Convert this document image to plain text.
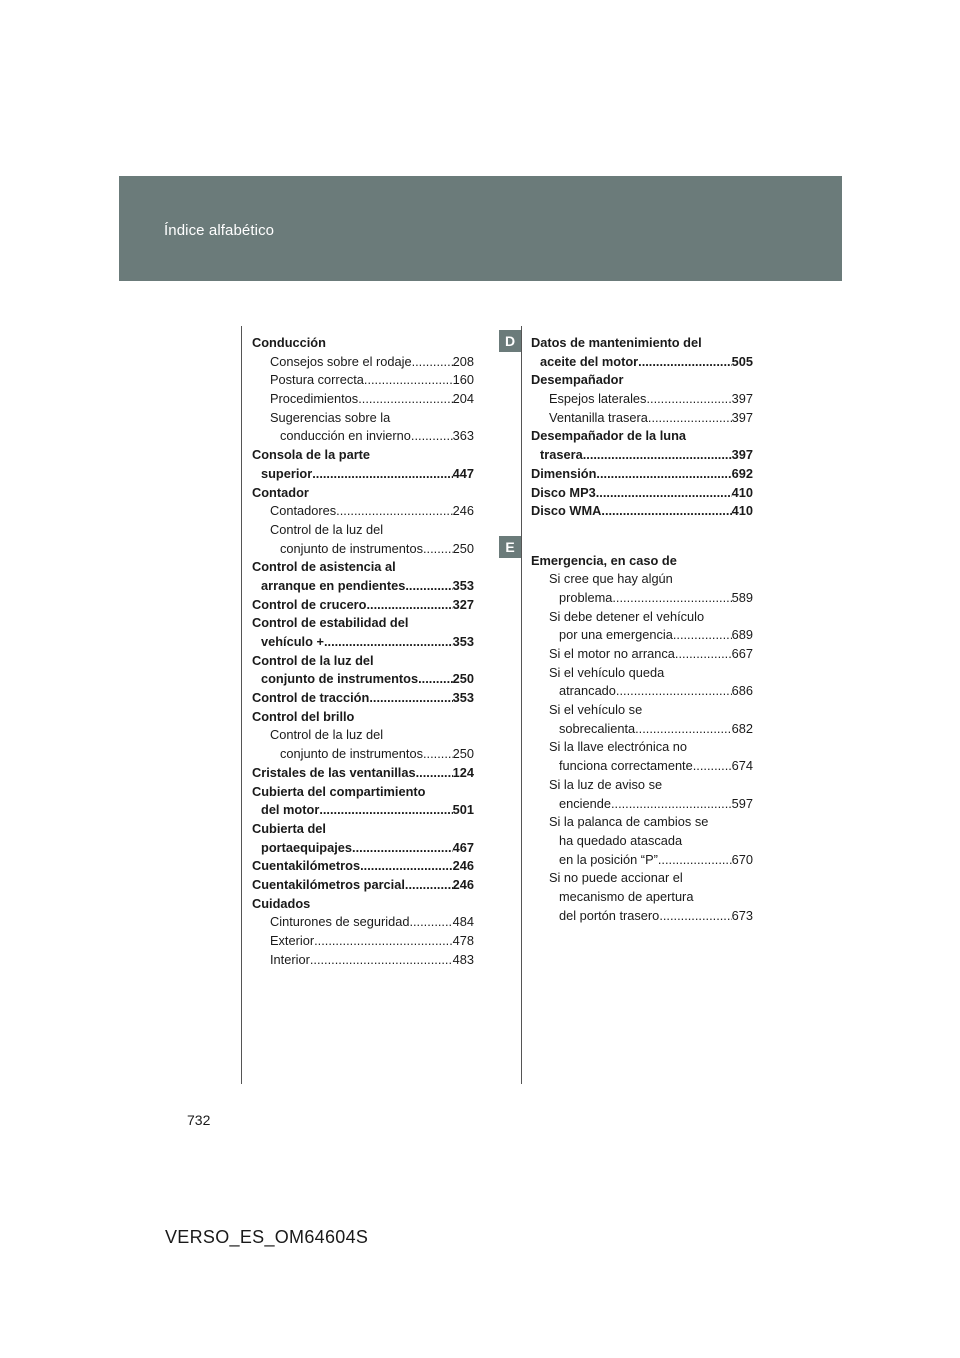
Índice alfabético
Conducción
Consejos sobre el rodaje .....	208
Postura correcta .....	160
Procedimientos .....	204
Sugerencias sobre la
conducción en invierno .....	363
Consola de la parte
superior .....	447
Contador
Contadores .....	246
Control de la luz del
conjunto de instrumentos ..... 250
Control de asistencia al
arranque en pendientes .....	353
Control de crucero .....	327
Control de estabilidad del
vehículo + .....	353
Control de la luz del
conjunto de instrumentos .....	250
Control de tracción .....	353
Control del brillo
Control de la luz del
conjunto de instrumentos ..... 250
Cristales de las ventanillas .....	124
Cubierta del compartimiento
del motor .....	501
Cubierta del
portaequipajes .....	467
Cuentakilómetros .....	246
Cuentakilómetros parcial .....	246
Cuidados
Cinturones de seguridad .....	484
Exterior .....	478
Interior .....	483
D
E
Datos de mantenimiento del
aceite del motor .....	505
Desempañador
Espejos laterales .....	397
Ventanilla trasera .....	397
Desempañador de la luna
trasera .....	397
Dimensión .....	692
Disco MP3 .....	410
Disco WMA .....	410
Emergencia, en caso de
Si cree que hay algún
problema .....	589
Si debe detener el vehículo
por una emergencia .....	689
Si el motor no arranca .....	667
Si el vehículo queda
atrancado .....	686
Si el vehículo se
sobrecalienta .....	682
Si la llave electrónica no
funciona correctamente .....	674
Si la luz de aviso se
enciende .....	597
Si la palanca de cambios se
ha quedado atascada
en la posición “P” .....	670
Si no puede accionar el
mecanismo de apertura
del portón trasero .....	673
732
VERSO_ES_OM64604S
